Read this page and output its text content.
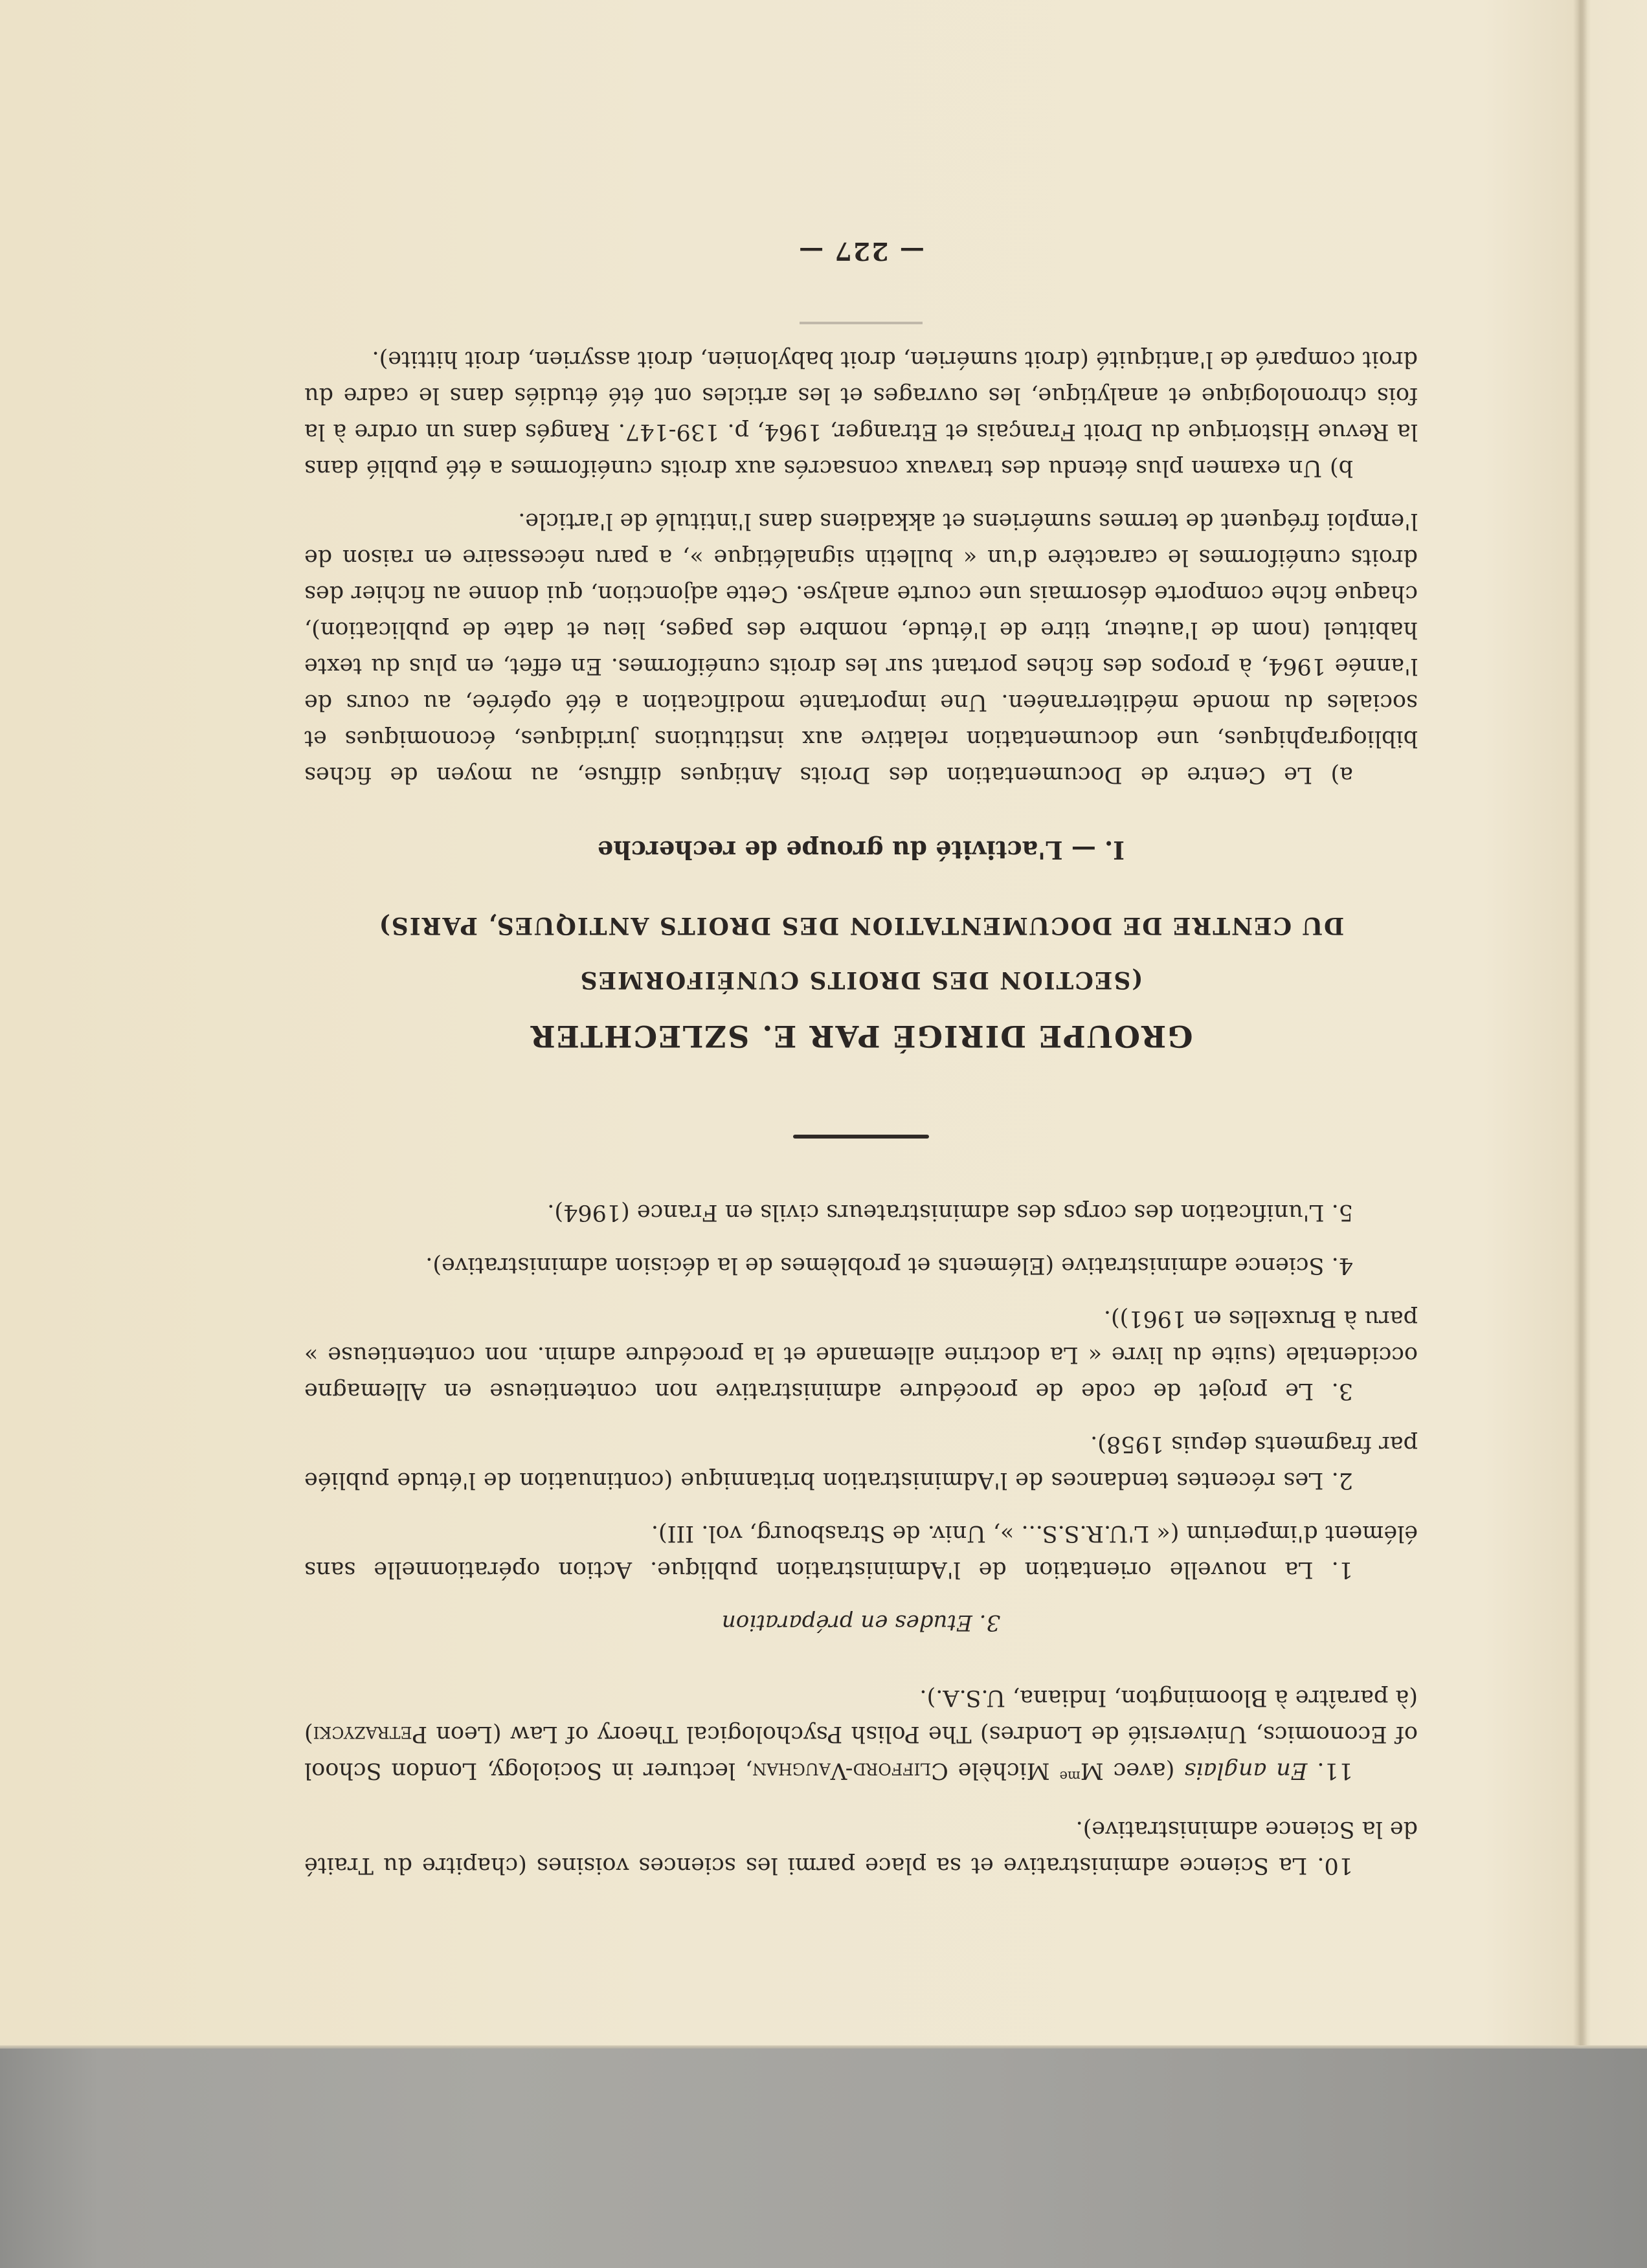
10. La Science administrative et sa place parmi les sciences voisines (chapitre du Traité de la Science administrative).

11. En anglais (avec $M^{me}$ Michèle Clifford-Vaughan, lecturer in Sociology, London School of Economics, Université de Londres) The Polish Psychological Theory of Law (Leon Petrazycki) (à paraître à Bloomington, Indiana, U.S.A.).

3. Etudes en préparation

1. La nouvelle orientation de l'Administration publique. Action opérationnelle sans élément d'imperium (« L'U.R.S.S... », Univ. de Strasbourg, vol. III).

2. Les récentes tendances de l'Administration britannique (continuation de l'étude publiée par fragments depuis 1958).

3. Le projet de code de procédure administrative non contentieuse en Allemagne occidentale (suite du livre « La doctrine allemande et la procédure admin. non contentieuse » paru à Bruxelles en 1961)).

4. Science administrative (Eléments et problèmes de la décision administrative).

5. L'unification des corps des administrateurs civils en France (1964).

GROUPE DIRIGÉ PAR E. SZLECHTER

(SECTION DES DROITS CUNÉIFORMES

DU CENTRE DE DOCUMENTATION DES DROITS ANTIQUES, PARIS)

I. — L'activité du groupe de recherche

a) Le Centre de Documentation des Droits Antiques diffuse, au moyen de fiches bibliographiques, une documentation relative aux institutions juridiques, économiques et sociales du monde méditerranéen. Une importante modification a été opérée, au cours de l'année 1964, à propos des fiches portant sur les droits cunéiformes. En effet, en plus du texte habituel (nom de l'auteur, titre de l'étude, nombre des pages, lieu et date de publication), chaque fiche comporte désormais une courte analyse. Cette adjonction, qui donne au fichier des droits cunéiformes le caractère d'un « bulletin signalétique », a paru nécessaire en raison de l'emploi fréquent de termes sumériens et akkadiens dans l'intitulé de l'article.

b) Un examen plus étendu des travaux consacrés aux droits cunéiformes a été publié dans la Revue Historique du Droit Français et Etranger, 1964, p. 139-147. Rangés dans un ordre à la fois chronologique et analytique, les ouvrages et les articles ont été étudiés dans le cadre du droit comparé de l'antiquité (droit sumérien, droit babylonien, droit assyrien, droit hittite).

— 227 —
